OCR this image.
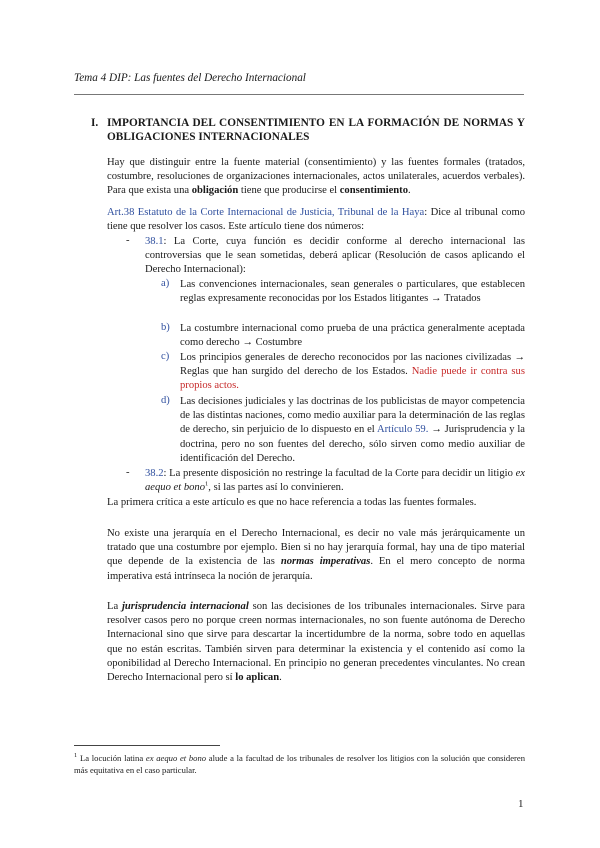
Tema 4 DIP: Las fuentes del Derecho Internacional
I. IMPORTANCIA DEL CONSENTIMIENTO EN LA FORMACIÓN DE NORMAS Y OBLIGACIONES INTERNACIONALES

Hay que distinguir entre la fuente material (consentimiento) y las fuentes formales (tratados, costumbre, resoluciones de organizaciones internacionales, actos unilaterales, acuerdos verbales). Para que exista una obligación tiene que producirse el consentimiento.

Art.38 Estatuto de la Corte Internacional de Justicia, Tribunal de la Haya: Dice al tribunal como tiene que resolver los casos. Este artículo tiene dos números:

- 38.1: La Corte, cuya función es decidir conforme al derecho internacional las controversias que le sean sometidas, deberá aplicar (Resolución de casos aplicando el Derecho Internacional):
a) Las convenciones internacionales, sean generales o particulares, que establecen reglas expresamente reconocidas por los Estados litigantes → Tratados
b) La costumbre internacional como prueba de una práctica generalmente aceptada como derecho → Costumbre
c) Los principios generales de derecho reconocidos por las naciones civilizadas → Reglas que han surgido del derecho de los Estados. Nadie puede ir contra sus propios actos.
d) Las decisiones judiciales y las doctrinas de los publicistas de mayor competencia de las distintas naciones, como medio auxiliar para la determinación de las reglas de derecho, sin perjuicio de lo dispuesto en el Artículo 59. → Jurisprudencia y la doctrina, pero no son fuentes del derecho, sólo sirven como medio auxiliar de identificación del Derecho.
- 38.2: La presente disposición no restringe la facultad de la Corte para decidir un litigio ex aequo et bono$^1$, si las partes así lo convinieren.

La primera crítica a este artículo es que no hace referencia a todas las fuentes formales.

No existe una jerarquía en el Derecho Internacional, es decir no vale más jerárquicamente un tratado que una costumbre por ejemplo. Bien si no hay jerarquía formal, hay una de tipo material que depende de la existencia de las normas imperativas. En el mero concepto de norma imperativa está intrínseca la noción de jerarquía.

La jurisprudencia internacional son las decisiones de los tribunales internacionales. Sirve para resolver casos pero no porque creen normas internacionales, no son fuente autónoma de Derecho Internacional sino que sirve para descartar la incertidumbre de la norma, sobre todo en aquellas que no están escritas. También sirven para determinar la existencia y el contenido así como la oponibilidad al Derecho Internacional. En principio no generan precedentes vinculantes. No crean Derecho Internacional pero sí lo aplican.

$^1$ La locución latina ex aequo et bono alude a la facultad de los tribunales de resolver los litigios con la solución que consideren más equitativa en el caso particular.
1
